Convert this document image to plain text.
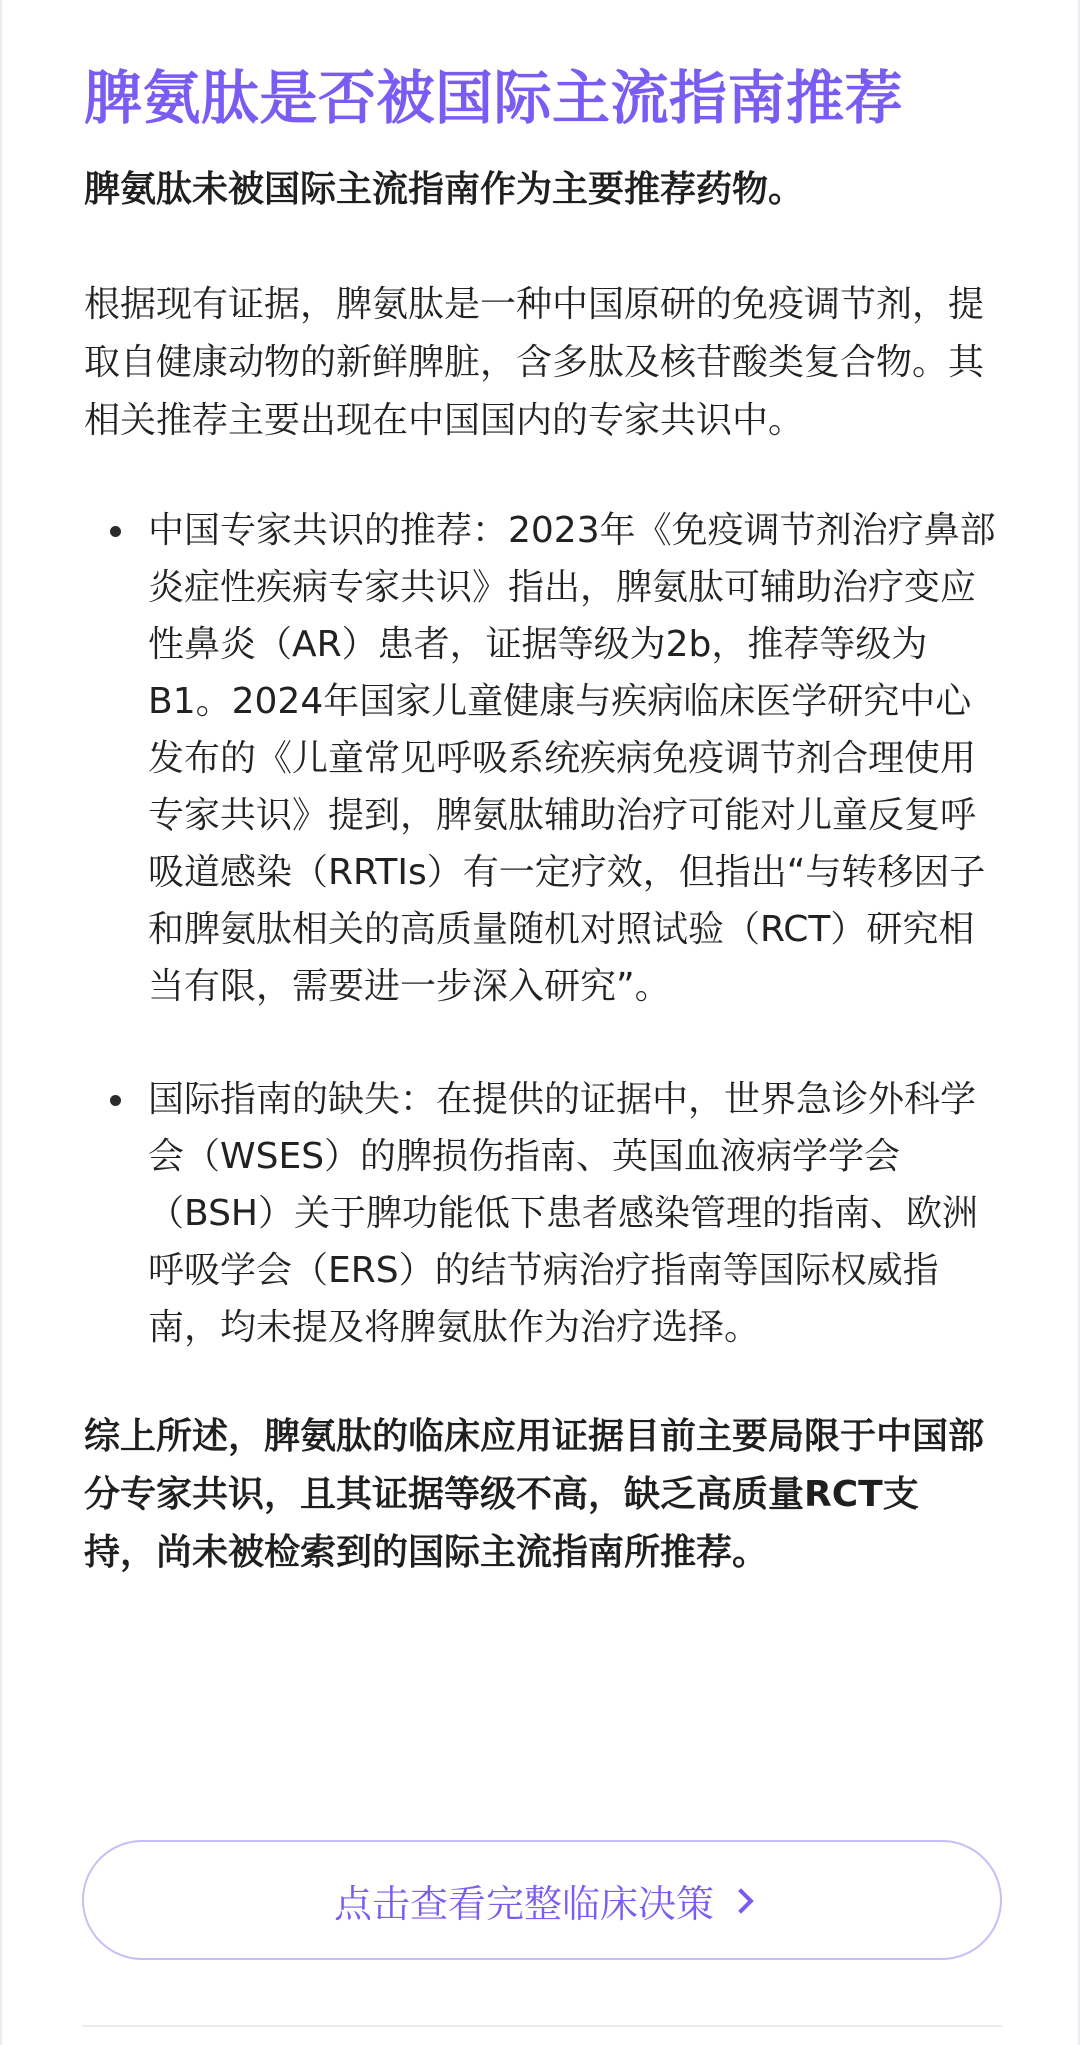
脾氨肽是否被国际主流指南推荐

脾氨肽未被国际主流指南作为主要推荐药物。

根据现有证据，脾氨肽是一种中国原研的免疫调节剂，提取自健康动物的新鲜脾脏，含多肽及核苷酸类复合物。其相关推荐主要出现在中国国内的专家共识中。

中国专家共识的推荐：2023年《免疫调节剂治疗鼻部炎症性疾病专家共识》指出，脾氨肽可辅助治疗变应性鼻炎（AR）患者，证据等级为2b，推荐等级为B1。2024年国家儿童健康与疾病临床医学研究中心发布的《儿童常见呼吸系统疾病免疫调节剂合理使用专家共识》提到，脾氨肽辅助治疗可能对儿童反复呼吸道感染（RRTIs）有一定疗效，但指出“与转移因子和脾氨肽相关的高质量随机对照试验（RCT）研究相当有限，需要进一步深入研究”。
国际指南的缺失：在提供的证据中，世界急诊外科学会（WSES）的脾损伤指南、英国血液病学学会（BSH）关于脾功能低下患者感染管理的指南、欧洲呼吸学会（ERS）的结节病治疗指南等国际权威指南，均未提及将脾氨肽作为治疗选择。

综上所述，脾氨肽的临床应用证据目前主要局限于中国部分专家共识，且其证据等级不高，缺乏高质量RCT支持，尚未被检索到的国际主流指南所推荐。

点击查看完整临床决策
